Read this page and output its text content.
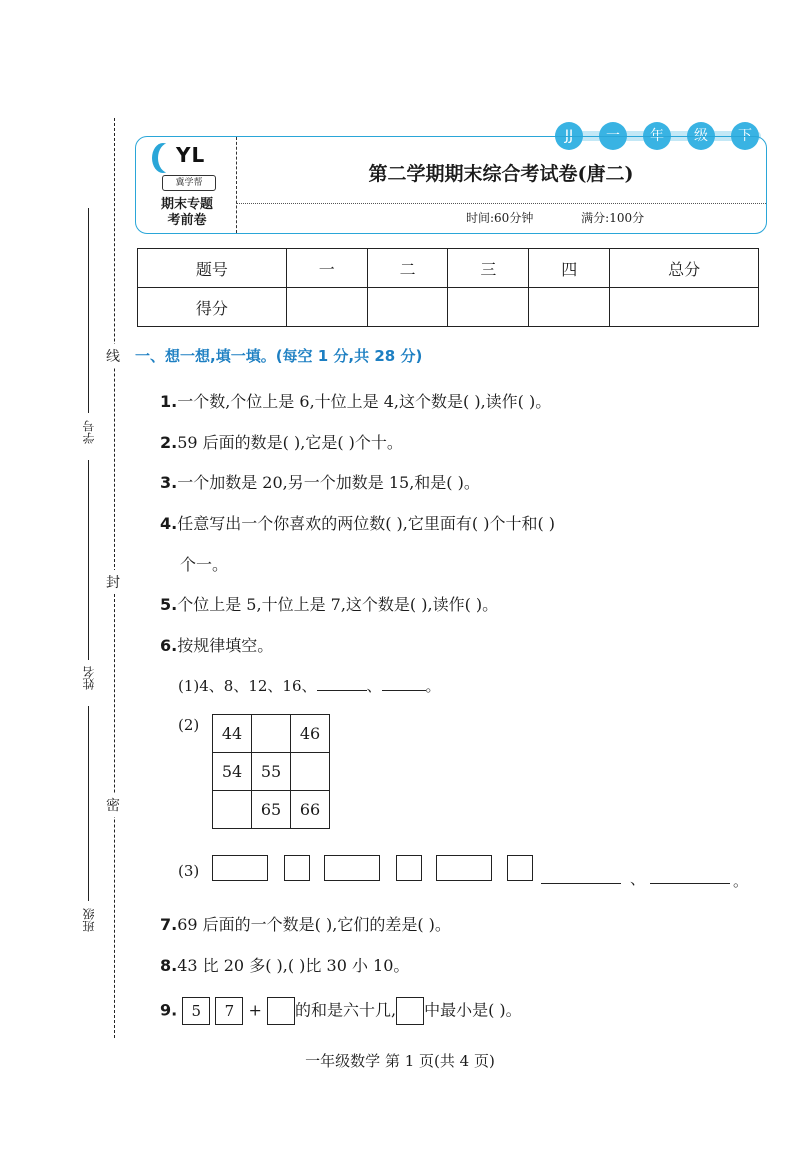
线
封
密
学号
姓名
班级
JJ	一	年	级	下
YL
冀学帮
期末专题
考前卷
第二学期期末综合考试卷(唐二)
时间:60分钟	满分:100分
题号	一	二	三	四	总分
得分					
一、想一想,填一填。(每空 1 分,共 28 分)
1.一个数,个位上是 6,十位上是 4,这个数是( ),读作( )。
2.59 后面的数是( ),它是( )个十。
3.一个加数是 20,另一个加数是 15,和是( )。
4.任意写出一个你喜欢的两位数( ),它里面有( )个十和( )
个一。
5.个位上是 5,十位上是 7,这个数是( ),读作( )。
6.按规律填空。
(1)4、8、12、16、	、	。
(2) 44		46
54	55	
	65	66
(3)	、	。
7.69 后面的一个数是( ),它们的差是( )。
8.43 比 20 多( ),( )比 30 小 10。
9. 5 7 + 的和是六十几, 中最小是( )。
一年级数学 第 1 页(共 4 页)
